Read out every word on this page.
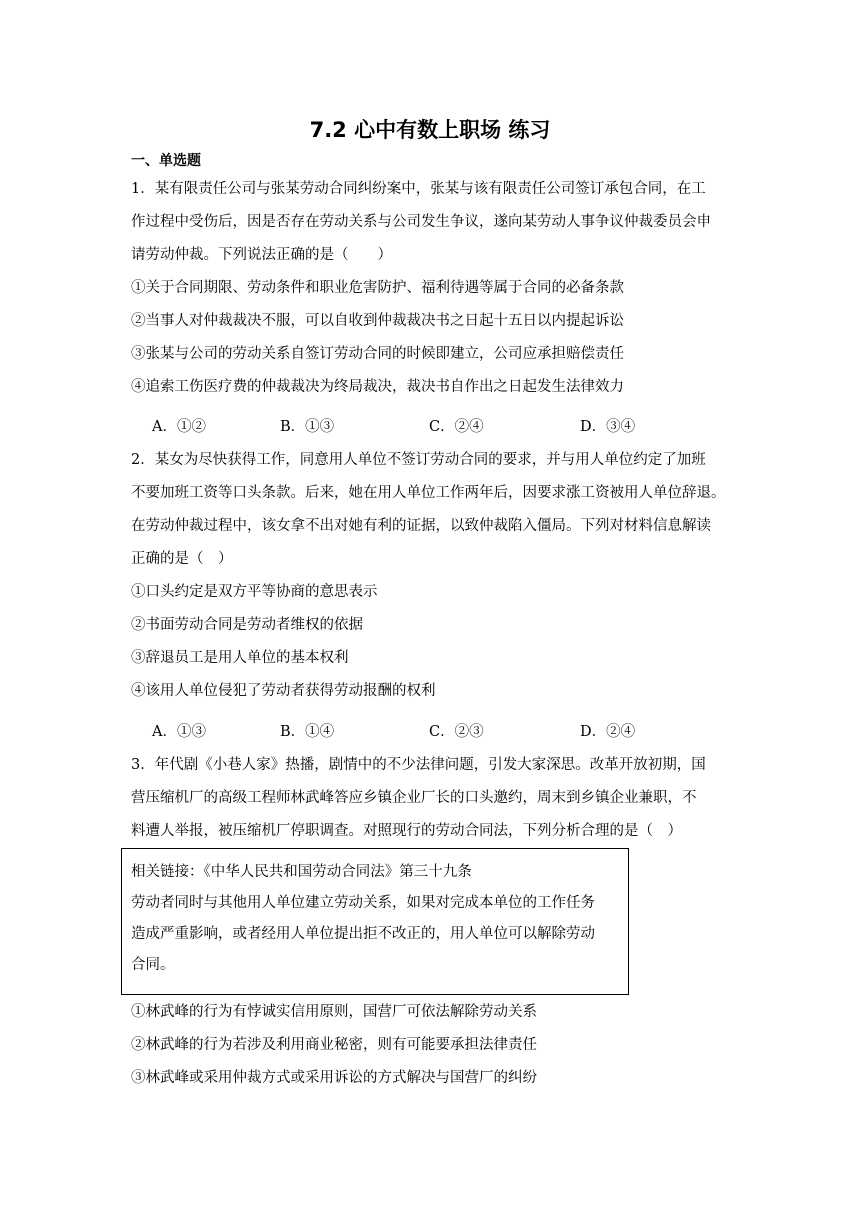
7.2 心中有数上职场 练习
一、单选题
1．某有限责任公司与张某劳动合同纠纷案中，张某与该有限责任公司签订承包合同，在工
作过程中受伤后，因是否存在劳动关系与公司发生争议，遂向某劳动人事争议仲裁委员会申
请劳动仲裁。下列说法正确的是（　　）
①关于合同期限、劳动条件和职业危害防护、福利待遇等属于合同的必备条款
②当事人对仲裁裁决不服，可以自收到仲裁裁决书之日起十五日以内提起诉讼
③张某与公司的劳动关系自签订劳动合同的时候即建立，公司应承担赔偿责任
④追索工伤医疗费的仲裁裁决为终局裁决，裁决书自作出之日起发生法律效力
A．①②	B．①③	C．②④	D．③④
2．某女为尽快获得工作，同意用人单位不签订劳动合同的要求，并与用人单位约定了加班
不要加班工资等口头条款。后来，她在用人单位工作两年后，因要求涨工资被用人单位辞退。
在劳动仲裁过程中，该女拿不出对她有利的证据，以致仲裁陷入僵局。下列对材料信息解读
正确的是（　）
①口头约定是双方平等协商的意思表示
②书面劳动合同是劳动者维权的依据
③辞退员工是用人单位的基本权利
④该用人单位侵犯了劳动者获得劳动报酬的权利
A．①③	B．①④	C．②③	D．②④
3．年代剧《小巷人家》热播，剧情中的不少法律问题，引发大家深思。改革开放初期，国
营压缩机厂的高级工程师林武峰答应乡镇企业厂长的口头邀约，周末到乡镇企业兼职，不
料遭人举报，被压缩机厂停职调查。对照现行的劳动合同法，下列分析合理的是（　）
相关链接：《中华人民共和国劳动合同法》第三十九条
劳动者同时与其他用人单位建立劳动关系，如果对完成本单位的工作任务
造成严重影响，或者经用人单位提出拒不改正的，用人单位可以解除劳动
合同。
①林武峰的行为有悖诚实信用原则，国营厂可依法解除劳动关系
②林武峰的行为若涉及利用商业秘密，则有可能要承担法律责任
③林武峰或采用仲裁方式或采用诉讼的方式解决与国营厂的纠纷
